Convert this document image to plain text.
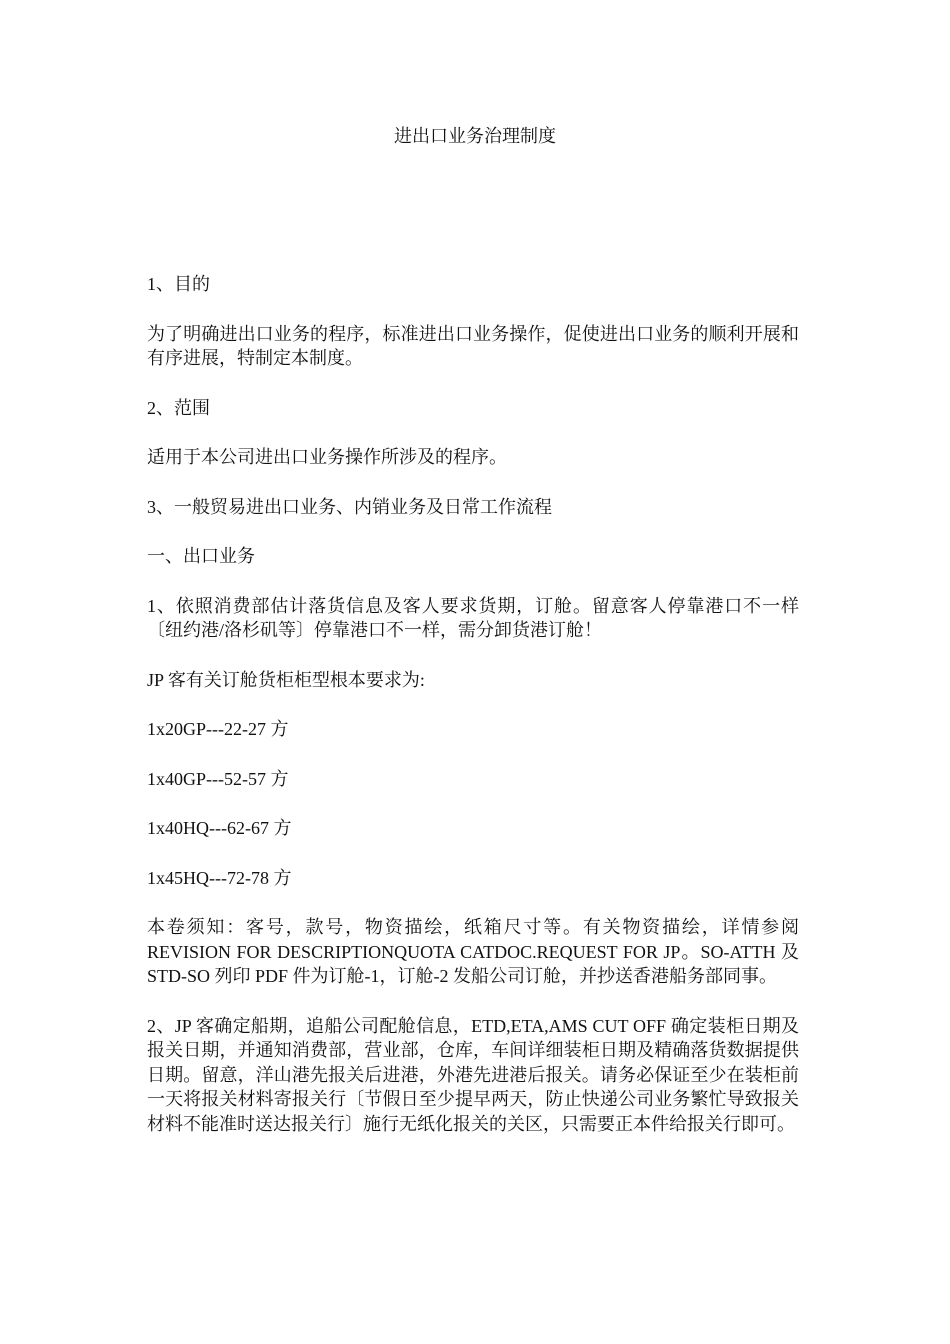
进出口业务治理制度

1、目的

为了明确进出口业务的程序，标准进出口业务操作，促使进出口业务的顺利开展和有序进展，特制定本制度。

2、范围

适用于本公司进出口业务操作所涉及的程序。

3、一般贸易进出口业务、内销业务及日常工作流程

一、出口业务

1、依照消费部估计落货信息及客人要求货期，订舱。留意客人停靠港口不一样〔纽约港/洛杉矶等〕停靠港口不一样，需分卸货港订舱！

JP 客有关订舱货柜柜型根本要求为:

1x20GP---22-27 方

1x40GP---52-57 方

1x40HQ---62-67 方

1x45HQ---72-78 方

本卷须知：客号，款号，物资描绘，纸箱尺寸等。有关物资描绘，详情参阅 REVISION FOR DESCRIPTIONQUOTA CATDOC.REQUEST FOR JP。SO-ATTH 及 STD-SO 列印 PDF 件为订舱-1，订舱-2 发船公司订舱，并抄送香港船务部同事。

2、JP 客确定船期，追船公司配舱信息，ETD,ETA,AMS CUT OFF 确定装柜日期及报关日期，并通知消费部，营业部，仓库，车间详细装柜日期及精确落货数据提供日期。留意，洋山港先报关后进港，外港先进港后报关。请务必保证至少在装柜前一天将报关材料寄报关行〔节假日至少提早两天，防止快递公司业务繁忙导致报关材料不能准时送达报关行〕施行无纸化报关的关区，只需要正本件给报关行即可。
